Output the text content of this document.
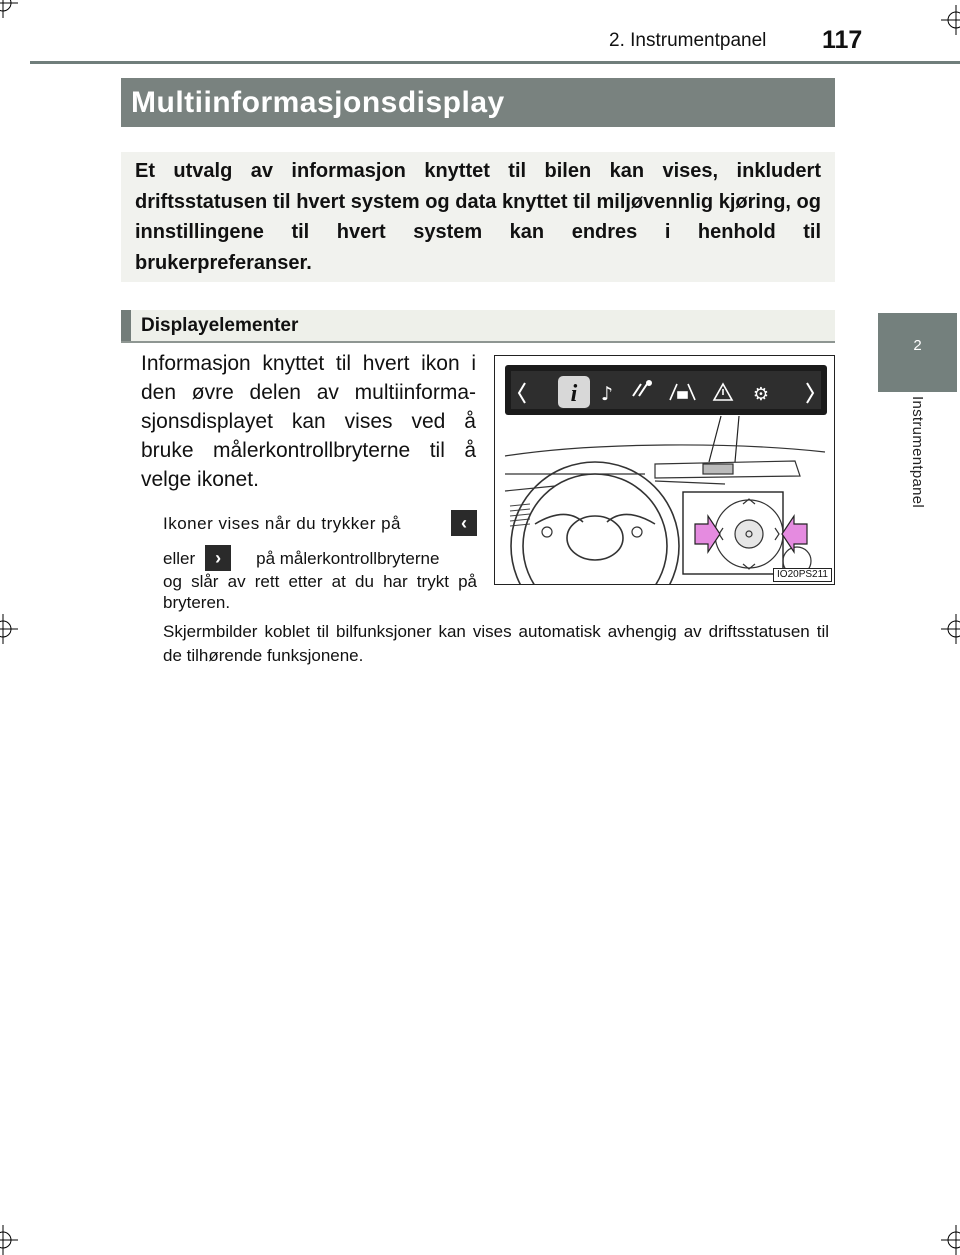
2. Instrumentpanel 117
2
Instrumentpanel
Multiinformasjonsdisplay

Et utvalg av informasjon knyttet til bilen kan vises, inkludert driftsstatusen til hvert system og data knyttet til miljøvennlig kjøring, og innstillingene til hvert system kan endres i henhold til brukerpreferanser.

Displayelementer

Informasjon knyttet til hvert ikon i den øvre delen av multiinforma-sjonsdisplayet kan vises ved å bruke målerkontrollbryterne til å velge ikonet.

Ikoner vises når du trykker på	‹
eller	›	på målerkontrollbryterne
og slår av rett etter at du har trykt på bryteren.
Skjermbilder koblet til bilfunksjoner kan vises automatisk avhengig av driftsstatusen til de tilhørende funksjonene.
i ♪	⚙
IO20PS211
